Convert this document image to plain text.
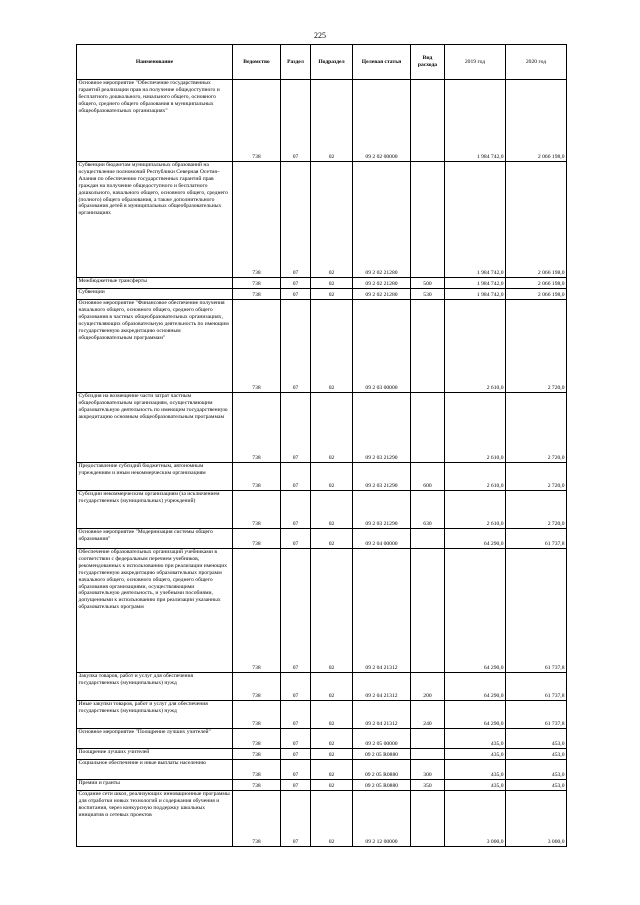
225
Наименование	Ведомство	Раздел	Подраздел	Целевая статья	Вид расхода	2019 год	2020 год
Основное мероприятие "Обеспечение государственных гарантий реализации прав на получение общедоступного и бесплатного дошкольного, начального общего, основного общего, среднего общего образования в муниципальных общеобразовательных организациях"	738	07	02	09 2 02 00000		1 984 742,0	2 066 198,0
Субвенции бюджетам муниципальных образований на осуществление полномочий Республики Северная Осетия–Алания по обеспечению государственных гарантий прав граждан на получение общедоступного и бесплатного дошкольного, начального общего, основного общего, среднего (полного) общего образования, а также дополнительного образования детей в муниципальных общеобразовательных организациях	738	07	02	09 2 02 21280		1 984 742,0	2 066 198,0
Межбюджетные трансферты	738	07	02	09 2 02 21280	500	1 984 742,0	2 066 198,0
Субвенции	738	07	02	09 2 02 21280	530	1 984 742,0	2 066 198,0
Основное мероприятие "Финансовое обеспечение получения начального общего, основного общего, среднего общего образования в частных общеобразовательных организациях, осуществляющих образовательную деятельность по имеющим государственную аккредитацию основным общеобразовательным программам"	738	07	02	09 2 03 00000		2 610,0	2 720,0
Субсидия на возмещение части затрат частным общеобразовательным организациям, осуществляющим образовательную деятельность по имеющим государственную аккредитацию основным общеобразовательным программам	738	07	02	09 2 03 21290		2 610,0	2 720,0
Предоставление субсидий бюджетным, автономным учреждениям и иным некоммерческим организациям	738	07	02	09 2 03 21290	600	2 610,0	2 720,0
Субсидии некоммерческим организациям (за исключением государственных (муниципальных) учреждений)	738	07	02	09 2 03 21290	630	2 610,0	2 720,0
Основное мероприятие "Модернизация системы общего образования"	738	07	02	09 2 04 00000		64 290,0	61 737,8
Обеспечение образовательных организаций учебниками в соответствии с федеральным перечнем учебников, рекомендованных к использованию при реализации имеющих государственную аккредитацию образовательных программ начального общего, основного общего, среднего общего образования организациями, осуществляющими образовательную деятельность, и учебными пособиями, допущенными к использованию при реализации указанных образовательных программ	738	07	02	09 2 04 21312		64 290,0	61 737,8
Закупка товаров, работ и услуг для обеспечения государственных (муниципальных) нужд	738	07	02	09 2 04 21312	200	64 290,0	61 737,8
Иные закупки товаров, работ и услуг для обеспечения государственных (муниципальных) нужд	738	07	02	09 2 04 21312	240	64 290,0	61 737,8
Основное мероприятие "Поощрение лучших учителей"	738	07	02	09 2 05 00000		435,0	453,0
Поощрение лучших учителей	738	07	02	09 2 05 R0880		435,0	453,0
Социальное обеспечение и иные выплаты населению	738	07	02	09 2 05 R0880	300	435,0	453,0
Премии и гранты	738	07	02	09 2 05 R0880	350	435,0	453,0
Создание сети школ, реализующих инновационные программы для отработки новых технологий и содержания обучения и воспитания, через конкурсную поддержку школьных инициатив и сетевых проектов	738	07	02	09 2 12 00000		3 000,0	3 000,0
